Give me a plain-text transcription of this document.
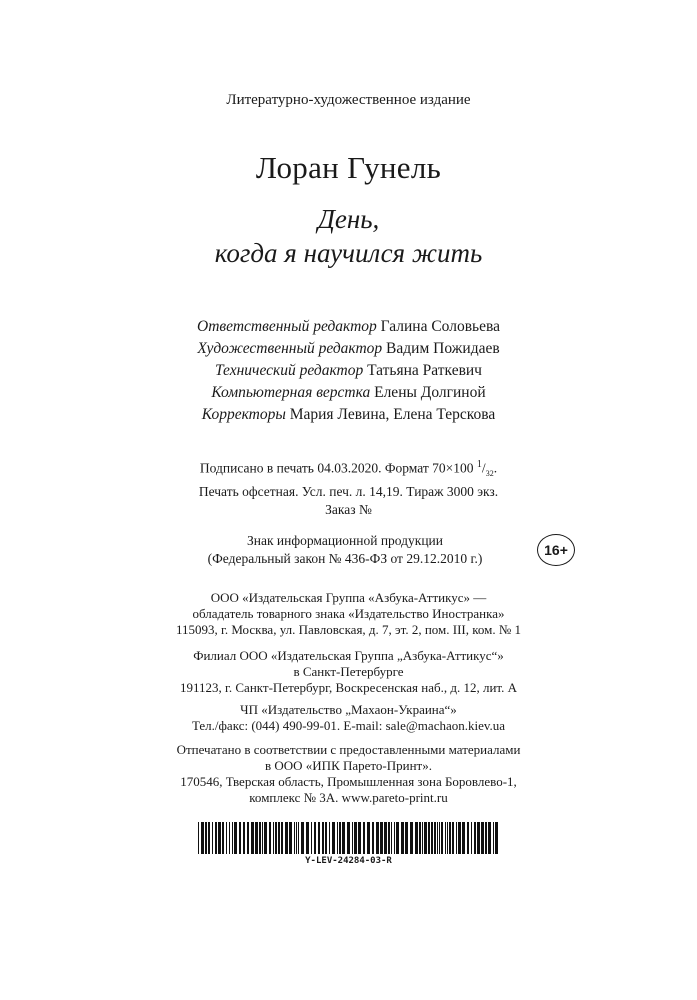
Литературно-художественное издание
Лоран Гунель
День,
когда я научился жить
Ответственный редактор Галина Соловьева
Художественный редактор Вадим Пожидаев
Технический редактор Татьяна Раткевич
Компьютерная верстка Елены Долгиной
Корректоры Мария Левина, Елена Терскова
Подписано в печать 04.03.2020. Формат 70×100 $^1/_{32}$.
Печать офсетная. Усл. печ. л. 14,19. Тираж 3000 экз.
Заказ №
Знак информационной продукции
(Федеральный закон № 436-ФЗ от 29.12.2010 г.)
16+
ООО «Издательская Группа «Азбука-Аттикус» —
обладатель товарного знака «Издательство Иностранка»
115093, г. Москва, ул. Павловская, д. 7, эт. 2, пом. III, ком. № 1
Филиал ООО «Издательская Группа „Азбука-Аттикус“»
в Санкт-Петербурге
191123, г. Санкт-Петербург, Воскресенская наб., д. 12, лит. А
ЧП «Издательство „Махаон-Украина“»
Тел./факс: (044) 490-99-01. E-mail: sale@machaon.kiev.ua
Отпечатано в соответствии с предоставленными материалами
в ООО «ИПК Парето-Принт».
170546, Тверская область, Промышленная зона Боровлево-1,
комплекс № 3А. www.pareto-print.ru
Y-LEV-24284-03-R
